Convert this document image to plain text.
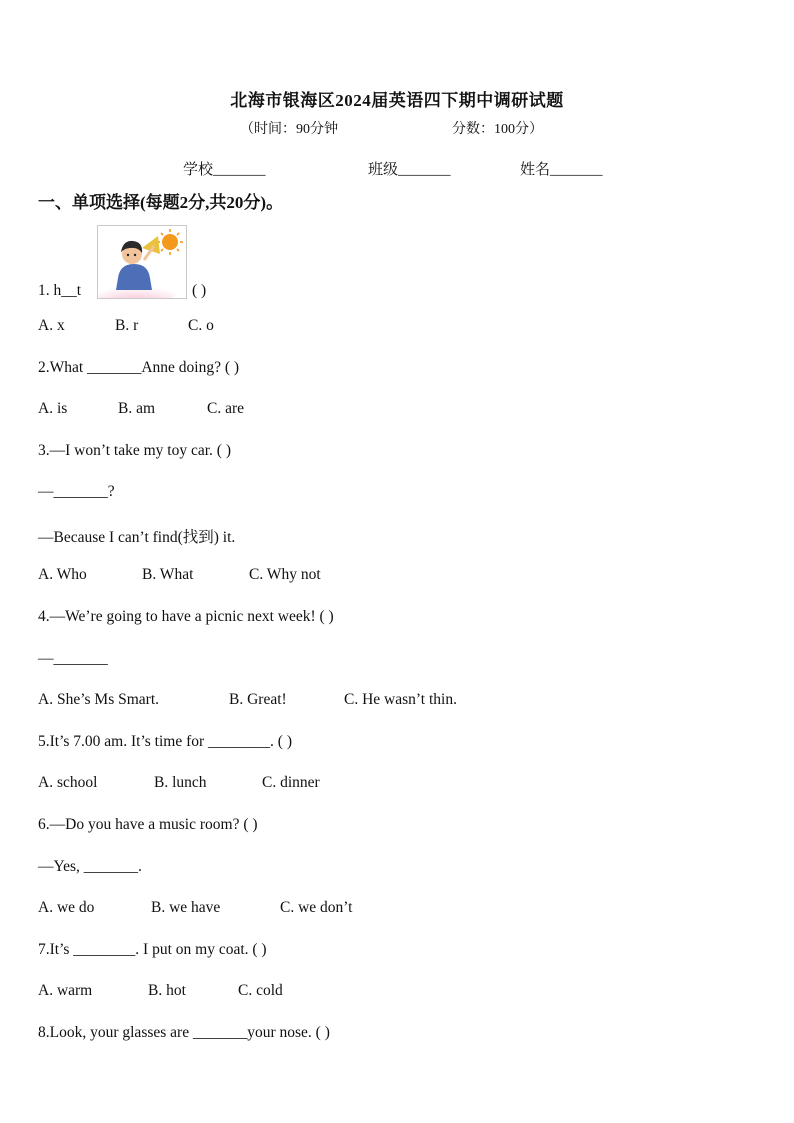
北海市银海区2024届英语四下期中调研试题
（时间：90分钟	分数：100分）
学校_______	班级_______	姓名_______
一、单项选择(每题2分,共20分)。
1. h__t	( )
A. x	B. r	C. o
2.What _______Anne doing? ( )
A. is	B. am	C. are
3.—I won’t take my toy car. ( )
—_______?
—Because I can’t find(找到) it.
A. Who	B. What	C. Why not
4.—We’re going to have a picnic next week! ( )
—_______
A. She’s Ms Smart.	B. Great!	C. He wasn’t thin.
5.It’s 7.00 am. It’s time for ________. ( )
A. school	B. lunch	C. dinner
6.—Do you have a music room? ( )
—Yes, _______.
A. we do	B. we have	C. we don’t
7.It’s ________. I put on my coat. ( )
A. warm	B. hot	C. cold
8.Look, your glasses are _______your nose. ( )
